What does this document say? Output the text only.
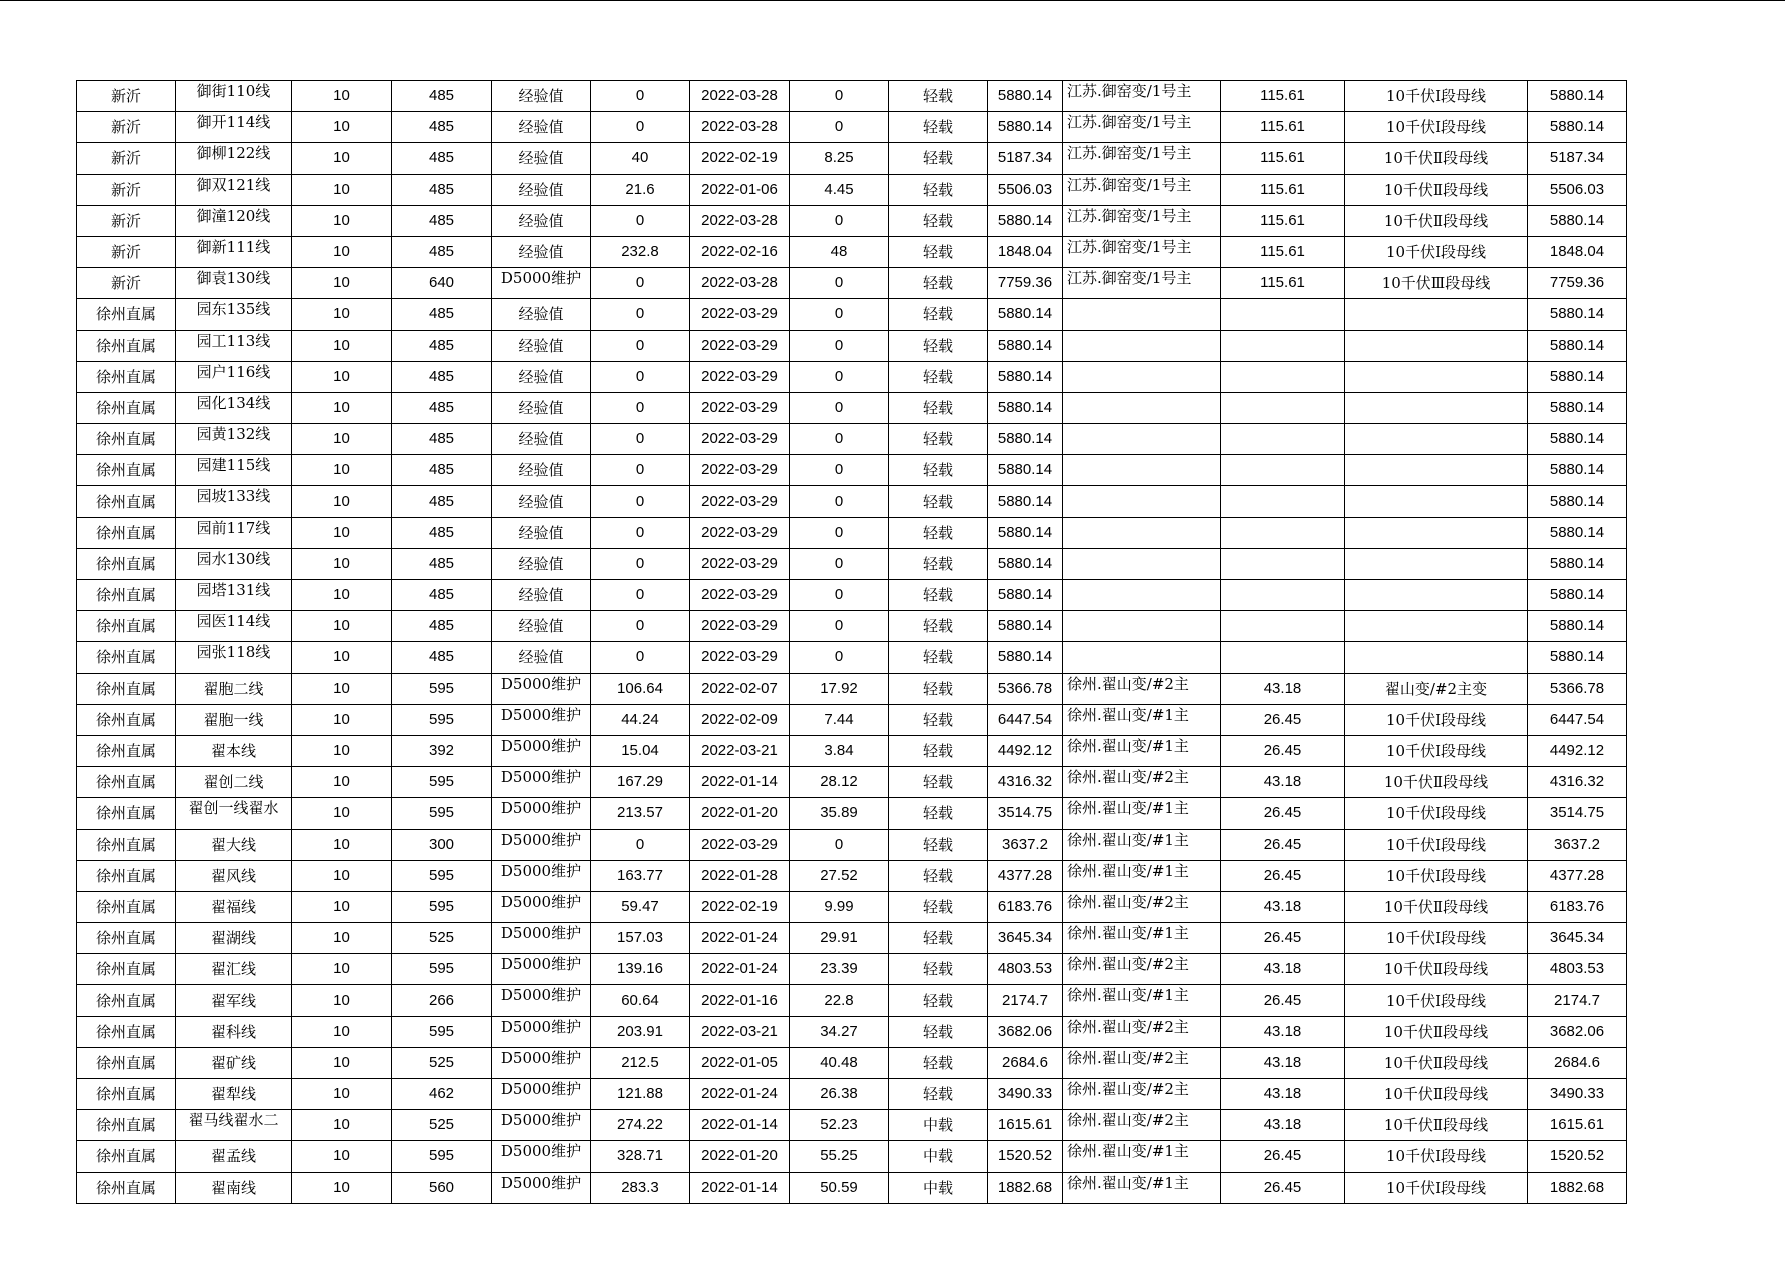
新沂	御街110线	10	485	经验值	0	2022-03-28	0	轻载	5880.14	江苏.御窑变/1号主	115.61	10千伏Ⅰ段母线	5880.14
新沂	御开114线	10	485	经验值	0	2022-03-28	0	轻载	5880.14	江苏.御窑变/1号主	115.61	10千伏Ⅰ段母线	5880.14
新沂	御柳122线	10	485	经验值	40	2022-02-19	8.25	轻载	5187.34	江苏.御窑变/1号主	115.61	10千伏Ⅱ段母线	5187.34
新沂	御双121线	10	485	经验值	21.6	2022-01-06	4.45	轻载	5506.03	江苏.御窑变/1号主	115.61	10千伏Ⅱ段母线	5506.03
新沂	御潼120线	10	485	经验值	0	2022-03-28	0	轻载	5880.14	江苏.御窑变/1号主	115.61	10千伏Ⅱ段母线	5880.14
新沂	御新111线	10	485	经验值	232.8	2022-02-16	48	轻载	1848.04	江苏.御窑变/1号主	115.61	10千伏Ⅰ段母线	1848.04
新沂	御袁130线	10	640	D5000维护	0	2022-03-28	0	轻载	7759.36	江苏.御窑变/1号主	115.61	10千伏Ⅲ段母线	7759.36
徐州直属	园东135线	10	485	经验值	0	2022-03-29	0	轻载	5880.14				5880.14
徐州直属	园工113线	10	485	经验值	0	2022-03-29	0	轻载	5880.14				5880.14
徐州直属	园户116线	10	485	经验值	0	2022-03-29	0	轻载	5880.14				5880.14
徐州直属	园化134线	10	485	经验值	0	2022-03-29	0	轻载	5880.14				5880.14
徐州直属	园黄132线	10	485	经验值	0	2022-03-29	0	轻载	5880.14				5880.14
徐州直属	园建115线	10	485	经验值	0	2022-03-29	0	轻载	5880.14				5880.14
徐州直属	园坡133线	10	485	经验值	0	2022-03-29	0	轻载	5880.14				5880.14
徐州直属	园前117线	10	485	经验值	0	2022-03-29	0	轻载	5880.14				5880.14
徐州直属	园水130线	10	485	经验值	0	2022-03-29	0	轻载	5880.14				5880.14
徐州直属	园塔131线	10	485	经验值	0	2022-03-29	0	轻载	5880.14				5880.14
徐州直属	园医114线	10	485	经验值	0	2022-03-29	0	轻载	5880.14				5880.14
徐州直属	园张118线	10	485	经验值	0	2022-03-29	0	轻载	5880.14				5880.14
徐州直属	翟胞二线	10	595	D5000维护	106.64	2022-02-07	17.92	轻载	5366.78	徐州.翟山变/#2主	43.18	翟山变/#2主变	5366.78
徐州直属	翟胞一线	10	595	D5000维护	44.24	2022-02-09	7.44	轻载	6447.54	徐州.翟山变/#1主	26.45	10千伏Ⅰ段母线	6447.54
徐州直属	翟本线	10	392	D5000维护	15.04	2022-03-21	3.84	轻载	4492.12	徐州.翟山变/#1主	26.45	10千伏Ⅰ段母线	4492.12
徐州直属	翟创二线	10	595	D5000维护	167.29	2022-01-14	28.12	轻载	4316.32	徐州.翟山变/#2主	43.18	10千伏Ⅱ段母线	4316.32
徐州直属	翟创一线翟水	10	595	D5000维护	213.57	2022-01-20	35.89	轻载	3514.75	徐州.翟山变/#1主	26.45	10千伏Ⅰ段母线	3514.75
徐州直属	翟大线	10	300	D5000维护	0	2022-03-29	0	轻载	3637.2	徐州.翟山变/#1主	26.45	10千伏Ⅰ段母线	3637.2
徐州直属	翟风线	10	595	D5000维护	163.77	2022-01-28	27.52	轻载	4377.28	徐州.翟山变/#1主	26.45	10千伏Ⅰ段母线	4377.28
徐州直属	翟福线	10	595	D5000维护	59.47	2022-02-19	9.99	轻载	6183.76	徐州.翟山变/#2主	43.18	10千伏Ⅱ段母线	6183.76
徐州直属	翟湖线	10	525	D5000维护	157.03	2022-01-24	29.91	轻载	3645.34	徐州.翟山变/#1主	26.45	10千伏Ⅰ段母线	3645.34
徐州直属	翟汇线	10	595	D5000维护	139.16	2022-01-24	23.39	轻载	4803.53	徐州.翟山变/#2主	43.18	10千伏Ⅱ段母线	4803.53
徐州直属	翟军线	10	266	D5000维护	60.64	2022-01-16	22.8	轻载	2174.7	徐州.翟山变/#1主	26.45	10千伏Ⅰ段母线	2174.7
徐州直属	翟科线	10	595	D5000维护	203.91	2022-03-21	34.27	轻载	3682.06	徐州.翟山变/#2主	43.18	10千伏Ⅱ段母线	3682.06
徐州直属	翟矿线	10	525	D5000维护	212.5	2022-01-05	40.48	轻载	2684.6	徐州.翟山变/#2主	43.18	10千伏Ⅱ段母线	2684.6
徐州直属	翟犁线	10	462	D5000维护	121.88	2022-01-24	26.38	轻载	3490.33	徐州.翟山变/#2主	43.18	10千伏Ⅱ段母线	3490.33
徐州直属	翟马线翟水二	10	525	D5000维护	274.22	2022-01-14	52.23	中载	1615.61	徐州.翟山变/#2主	43.18	10千伏Ⅱ段母线	1615.61
徐州直属	翟孟线	10	595	D5000维护	328.71	2022-01-20	55.25	中载	1520.52	徐州.翟山变/#1主	26.45	10千伏Ⅰ段母线	1520.52
徐州直属	翟南线	10	560	D5000维护	283.3	2022-01-14	50.59	中载	1882.68	徐州.翟山变/#1主	26.45	10千伏Ⅰ段母线	1882.68
